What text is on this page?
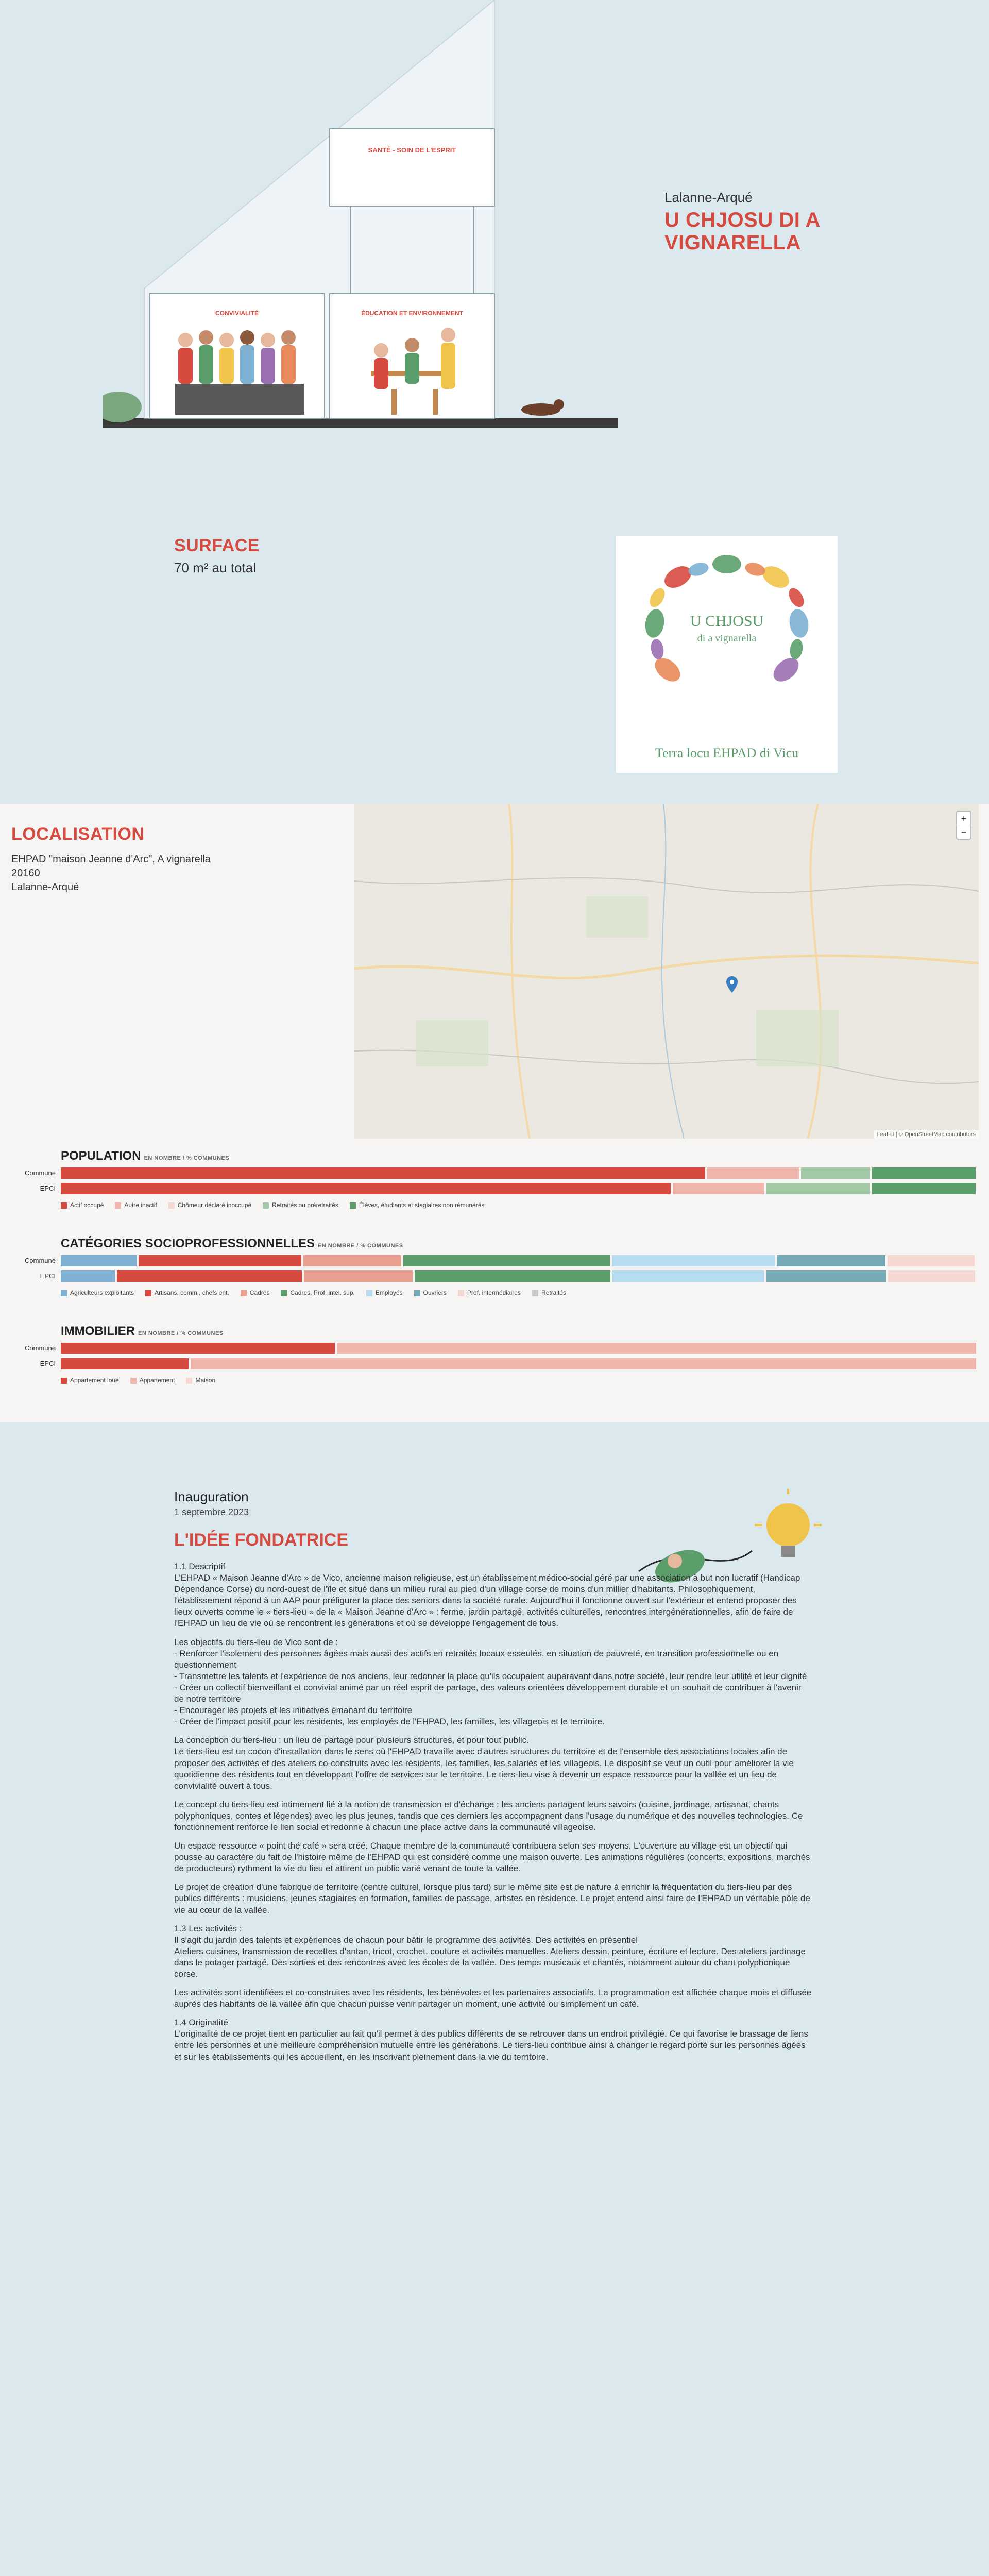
SANTÉ - SOIN DE L'ESPRIT
CONVIVIALITÉ	ÉDUCATION ET ENVIRONNEMENT
Lalanne-Arqué
U CHJOSU DI A VIGNARELLA
SURFACE
70 m² au total
U CHJOSU
di a vignarella
Terra locu EHPAD di Vicu
LOCALISATION
EHPAD "maison Jeanne d'Arc", A vignarella
20160
Lalanne-Arqué
+
−
Leaflet | © OpenStreetMap contributors
POPULATION EN NOMBRE / % COMMUNES
Commune
EPCI
Actif occupé	Autre inactif	Chômeur déclaré inoccupé	Retraités ou préretraités	Élèves, étudiants et stagiaires non rémunérés
CATÉGORIES SOCIOPROFESSIONNELLES EN NOMBRE / % COMMUNES
Commune
EPCI
Agriculteurs exploitants	Artisans, comm., chefs ent.	Cadres	Cadres, Prof. intel. sup.	Employés	Ouvriers	Prof. intermédiaires	Retraités
IMMOBILIER EN NOMBRE / % COMMUNES
Commune
EPCI
Appartement loué	Appartement	Maison
Inauguration
1 septembre 2023
L'IDÉE FONDATRICE

1.1 Descriptif
L'EHPAD « Maison Jeanne d'Arc » de Vico, ancienne maison religieuse, est un établissement médico-social géré par une association à but non lucratif (Handicap Dépendance Corse) du nord-ouest de l'île et situé dans un milieu rural au pied d'un village corse de moins d'un millier d'habitants. Philosophiquement, l'établissement répond à un AAP pour préfigurer la place des seniors dans la société rurale. Aujourd'hui il fonctionne ouvert sur l'extérieur et entend proposer des lieux ouverts comme le « tiers-lieu » de la « Maison Jeanne d'Arc » : ferme, jardin partagé, activités culturelles, rencontres intergénérationnelles, afin de faire de l'EHPAD un lieu de vie où se rencontrent les générations et où se développe l'engagement de tous.

Les objectifs du tiers-lieu de Vico sont de :
- Renforcer l'isolement des personnes âgées mais aussi des actifs en retraités locaux esseulés, en situation de pauvreté, en transition professionnelle ou en questionnement
- Transmettre les talents et l'expérience de nos anciens, leur redonner la place qu'ils occupaient auparavant dans notre société, leur rendre leur utilité et leur dignité
- Créer un collectif bienveillant et convivial animé par un réel esprit de partage, des valeurs orientées développement durable et un souhait de contribuer à l'avenir de notre territoire
- Encourager les projets et les initiatives émanant du territoire
- Créer de l'impact positif pour les résidents, les employés de l'EHPAD, les familles, les villageois et le territoire.

La conception du tiers-lieu : un lieu de partage pour plusieurs structures, et pour tout public.
Le tiers-lieu est un cocon d'installation dans le sens où l'EHPAD travaille avec d'autres structures du territoire et de l'ensemble des associations locales afin de proposer des activités et des ateliers co-construits avec les résidents, les familles, les salariés et les villageois. Le dispositif se veut un outil pour améliorer la vie quotidienne des résidents tout en développant l'offre de services sur le territoire. Le tiers-lieu vise à devenir un espace ressource pour la vallée et un lieu de convivialité ouvert à tous.

Le concept du tiers-lieu est intimement lié à la notion de transmission et d'échange : les anciens partagent leurs savoirs (cuisine, jardinage, artisanat, chants polyphoniques, contes et légendes) avec les plus jeunes, tandis que ces derniers les accompagnent dans l'usage du numérique et des nouvelles technologies. Ce fonctionnement renforce le lien social et redonne à chacun une place active dans la communauté villageoise.

Un espace ressource « point thé café » sera créé. Chaque membre de la communauté contribuera selon ses moyens. L'ouverture au village est un objectif qui pousse au caractère du fait de l'histoire même de l'EHPAD qui est considéré comme une maison ouverte. Les animations régulières (concerts, expositions, marchés de producteurs) rythment la vie du lieu et attirent un public varié venant de toute la vallée.

Le projet de création d'une fabrique de territoire (centre culturel, lorsque plus tard) sur le même site est de nature à enrichir la fréquentation du tiers-lieu par des publics différents : musiciens, jeunes stagiaires en formation, familles de passage, artistes en résidence. Le projet entend ainsi faire de l'EHPAD un véritable pôle de vie au cœur de la vallée.

1.3 Les activités :
Il s'agit du jardin des talents et expériences de chacun pour bâtir le programme des activités. Des activités en présentiel
Ateliers cuisines, transmission de recettes d'antan, tricot, crochet, couture et activités manuelles. Ateliers dessin, peinture, écriture et lecture. Des ateliers jardinage dans le potager partagé. Des sorties et des rencontres avec les écoles de la vallée. Des temps musicaux et chantés, notamment autour du chant polyphonique corse.

Les activités sont identifiées et co-construites avec les résidents, les bénévoles et les partenaires associatifs. La programmation est affichée chaque mois et diffusée auprès des habitants de la vallée afin que chacun puisse venir partager un moment, une activité ou simplement un café.

1.4 Originalité
L'originalité de ce projet tient en particulier au fait qu'il permet à des publics différents de se retrouver dans un endroit privilégié. Ce qui favorise le brassage de liens entre les personnes et une meilleure compréhension mutuelle entre les générations. Le tiers-lieu contribue ainsi à changer le regard porté sur les personnes âgées et sur les établissements qui les accueillent, en les inscrivant pleinement dans la vie du territoire.
